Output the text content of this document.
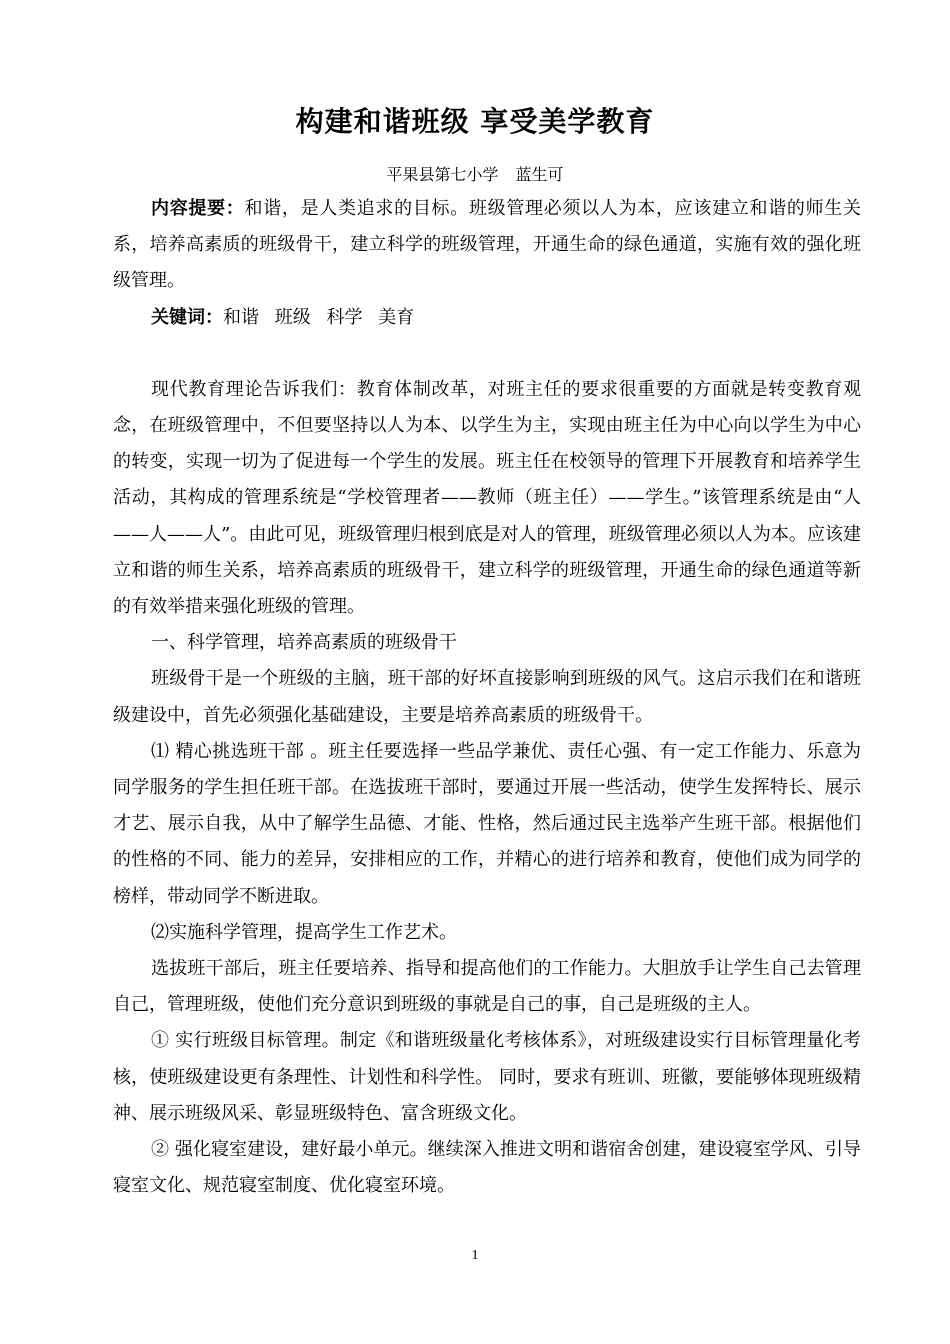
构建和谐班级 享受美学教育
平果县第七小学 蓝生可

内容提要：和谐，是人类追求的目标。班级管理必须以人为本，应该建立和谐的师生关系，培养高素质的班级骨干，建立科学的班级管理，开通生命的绿色通道，实施有效的强化班级管理。

关键词：和谐 班级 科学 美育

现代教育理论告诉我们：教育体制改革，对班主任的要求很重要的方面就是转变教育观念，在班级管理中，不但要坚持以人为本、以学生为主，实现由班主任为中心向以学生为中心的转变，实现一切为了促进每一个学生的发展。班主任在校领导的管理下开展教育和培养学生活动，其构成的管理系统是“学校管理者——教师（班主任）——学生。”该管理系统是由“人——人——人”。由此可见，班级管理归根到底是对人的管理，班级管理必须以人为本。应该建立和谐的师生关系，培养高素质的班级骨干，建立科学的班级管理，开通生命的绿色通道等新的有效举措来强化班级的管理。

一、科学管理，培养高素质的班级骨干

班级骨干是一个班级的主脑，班干部的好坏直接影响到班级的风气。这启示我们在和谐班级建设中，首先必须强化基础建设，主要是培养高素质的班级骨干。

⑴ 精心挑选班干部 。班主任要选择一些品学兼优、责任心强、有一定工作能力、乐意为同学服务的学生担任班干部。在选拔班干部时，要通过开展一些活动，使学生发挥特长、展示才艺、展示自我，从中了解学生品德、才能、性格，然后通过民主选举产生班干部。根据他们的性格的不同、能力的差异，安排相应的工作，并精心的进行培养和教育，使他们成为同学的榜样，带动同学不断进取。

⑵实施科学管理，提高学生工作艺术。

选拔班干部后，班主任要培养、指导和提高他们的工作能力。大胆放手让学生自己去管理自己，管理班级，使他们充分意识到班级的事就是自己的事，自己是班级的主人。

① 实行班级目标管理。制定《和谐班级量化考核体系》，对班级建设实行目标管理量化考核，使班级建设更有条理性、计划性和科学性。 同时，要求有班训、班徽，要能够体现班级精神、展示班级风采、彰显班级特色、富含班级文化。

② 强化寝室建设，建好最小单元。继续深入推进文明和谐宿舍创建，建设寝室学风、引导寝室文化、规范寝室制度、优化寝室环境。

1
